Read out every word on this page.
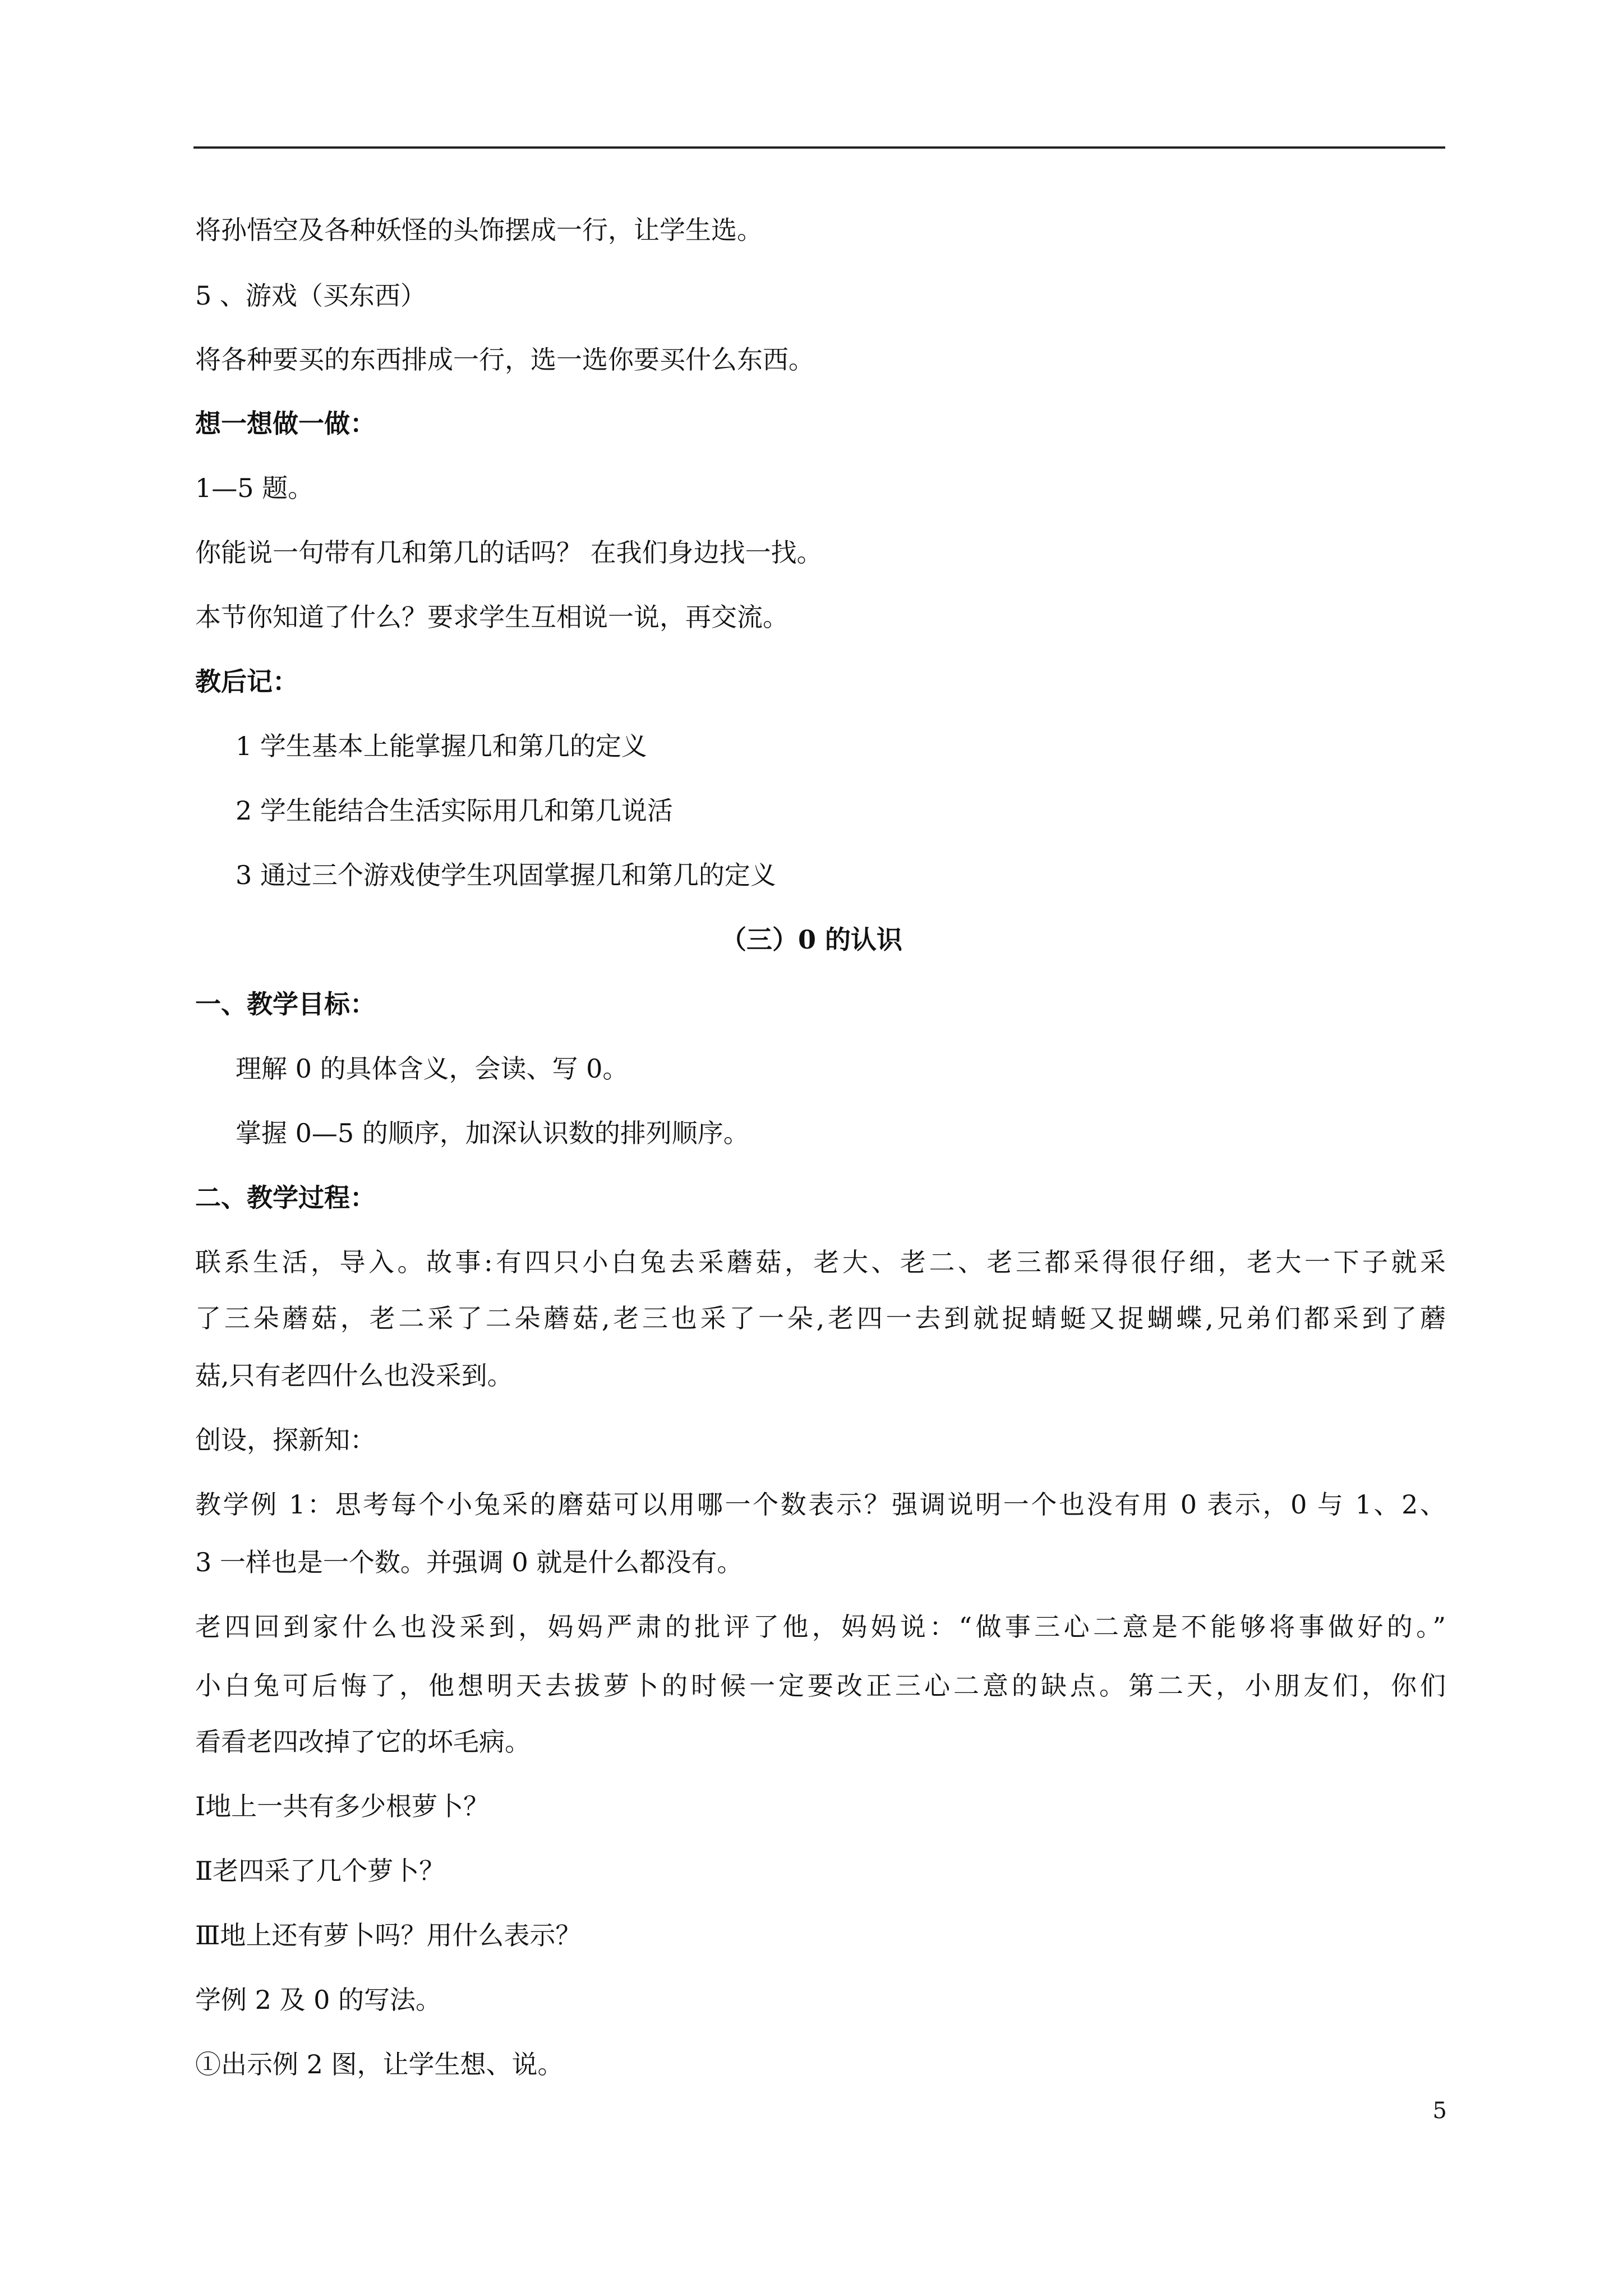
将孙悟空及各种妖怪的头饰摆成一行，让学生选。
5 、游戏（买东西）
将各种要买的东西排成一行，选一选你要买什么东西。
想一想做一做：
1—5 题。
你能说一句带有几和第几的话吗？ 在我们身边找一找。
本节你知道了什么？要求学生互相说一说，再交流。
教后记：
1 学生基本上能掌握几和第几的定义
2 学生能结合生活实际用几和第几说活
3 通过三个游戏使学生巩固掌握几和第几的定义
（三）0 的认识
一、教学目标：
理解 0 的具体含义，会读、写 0。
掌握 0—5 的顺序，加深认识数的排列顺序。
二、教学过程：
联系生活，导入。故事:有四只小白兔去采蘑菇，老大、老二、老三都采得很仔细，老大一下子就采
了三朵蘑菇，老二采了二朵蘑菇,老三也采了一朵,老四一去到就捉蜻蜓又捉蝴蝶,兄弟们都采到了蘑
菇,只有老四什么也没采到。
创设，探新知：
教学例 1：思考每个小兔采的磨菇可以用哪一个数表示？强调说明一个也没有用 0 表示，0 与 1、2、
3 一样也是一个数。并强调 0 就是什么都没有。
老四回到家什么也没采到，妈妈严肃的批评了他，妈妈说：“做事三心二意是不能够将事做好的。”
小白兔可后悔了，他想明天去拔萝卜的时候一定要改正三心二意的缺点。第二天，小朋友们，你们
看看老四改掉了它的坏毛病。
Ⅰ地上一共有多少根萝卜？
Ⅱ老四采了几个萝卜？
Ⅲ地上还有萝卜吗？用什么表示？
学例 2 及 0 的写法。
①出示例 2 图，让学生想、说。
5
